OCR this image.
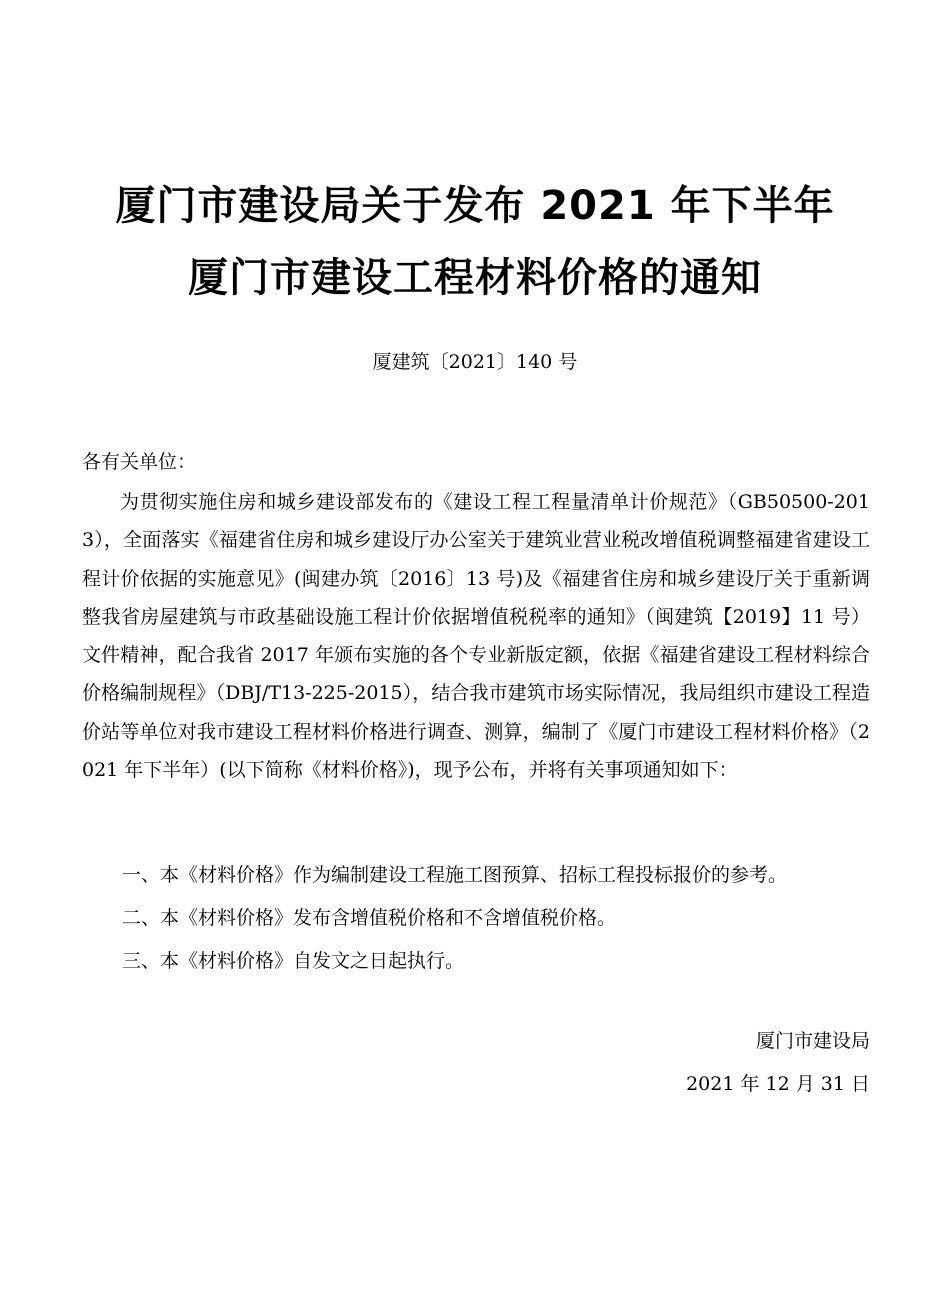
厦门市建设局关于发布 2021 年下半年
厦门市建设工程材料价格的通知
厦建筑〔2021〕140 号
各有关单位：

为贯彻实施住房和城乡建设部发布的《建设工程工程量清单计价规范》（GB50500-2013），全面落实《福建省住房和城乡建设厅办公室关于建筑业营业税改增值税调整福建省建设工程计价依据的实施意见》(闽建办筑〔2016〕13 号)及《福建省住房和城乡建设厅关于重新调整我省房屋建筑与市政基础设施工程计价依据增值税税率的通知》（闽建筑【2019】11 号）文件精神，配合我省 2017 年颁布实施的各个专业新版定额，依据《福建省建设工程材料综合价格编制规程》（DBJ/T13-225-2015），结合我市建筑市场实际情况，我局组织市建设工程造价站等单位对我市建设工程材料价格进行调查、测算，编制了《厦门市建设工程材料价格》（2021 年下半年）(以下简称《材料价格》)，现予公布，并将有关事项通知如下：

一、本《材料价格》作为编制建设工程施工图预算、招标工程投标报价的参考。
二、本《材料价格》发布含增值税价格和不含增值税价格。
三、本《材料价格》自发文之日起执行。
厦门市建设局
2021 年 12 月 31 日
